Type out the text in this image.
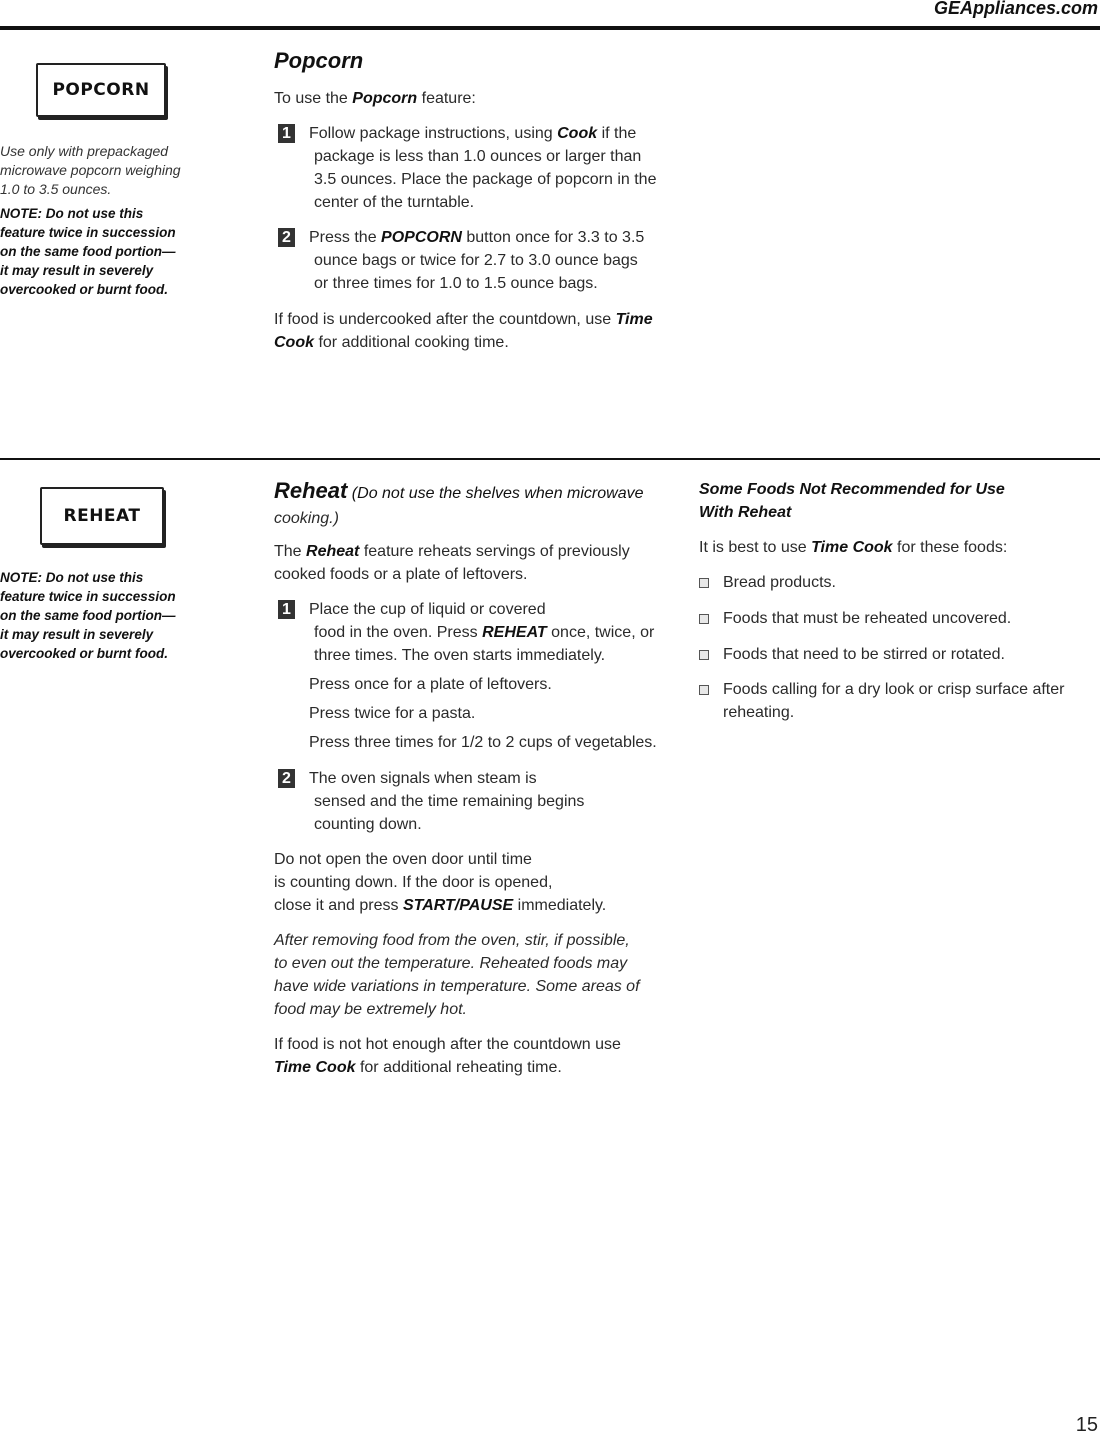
GEAppliances.com
POPCORN
Use only with prepackaged
microwave popcorn weighing
1.0 to 3.5 ounces.
NOTE: Do not use this
feature twice in succession
on the same food portion—
it may result in severely
overcooked or burnt food.
Popcorn
To use the Popcorn feature:
1 Follow package instructions, using Cook if the
package is less than 1.0 ounces or larger than
3.5 ounces. Place the package of popcorn in the
center of the turntable.
2 Press the POPCORN button once for 3.3 to 3.5
ounce bags or twice for 2.7 to 3.0 ounce bags
or three times for 1.0 to 1.5 ounce bags.
If food is undercooked after the countdown, use Time
Cook for additional cooking time.
REHEAT
NOTE: Do not use this
feature twice in succession
on the same food portion—
it may result in severely
overcooked or burnt food.
Reheat (Do not use the shelves when microwave
cooking.)
The Reheat feature reheats servings of previously
cooked foods or a plate of leftovers.
1 Place the cup of liquid or covered
food in the oven. Press REHEAT once, twice, or
three times. The oven starts immediately.
Press once for a plate of leftovers.
Press twice for a pasta.
Press three times for 1/2 to 2 cups of vegetables.
2 The oven signals when steam is
sensed and the time remaining begins
counting down.
Do not open the oven door until time
is counting down. If the door is opened,
close it and press START/PAUSE immediately.
After removing food from the oven, stir, if possible,
to even out the temperature. Reheated foods may
have wide variations in temperature. Some areas of
food may be extremely hot.
If food is not hot enough after the countdown use
Time Cook for additional reheating time.
Some Foods Not Recommended for Use
With Reheat
It is best to use Time Cook for these foods:
Bread products.
Foods that must be reheated uncovered.
Foods that need to be stirred or rotated.
Foods calling for a dry look or crisp surface after
reheating.
15
